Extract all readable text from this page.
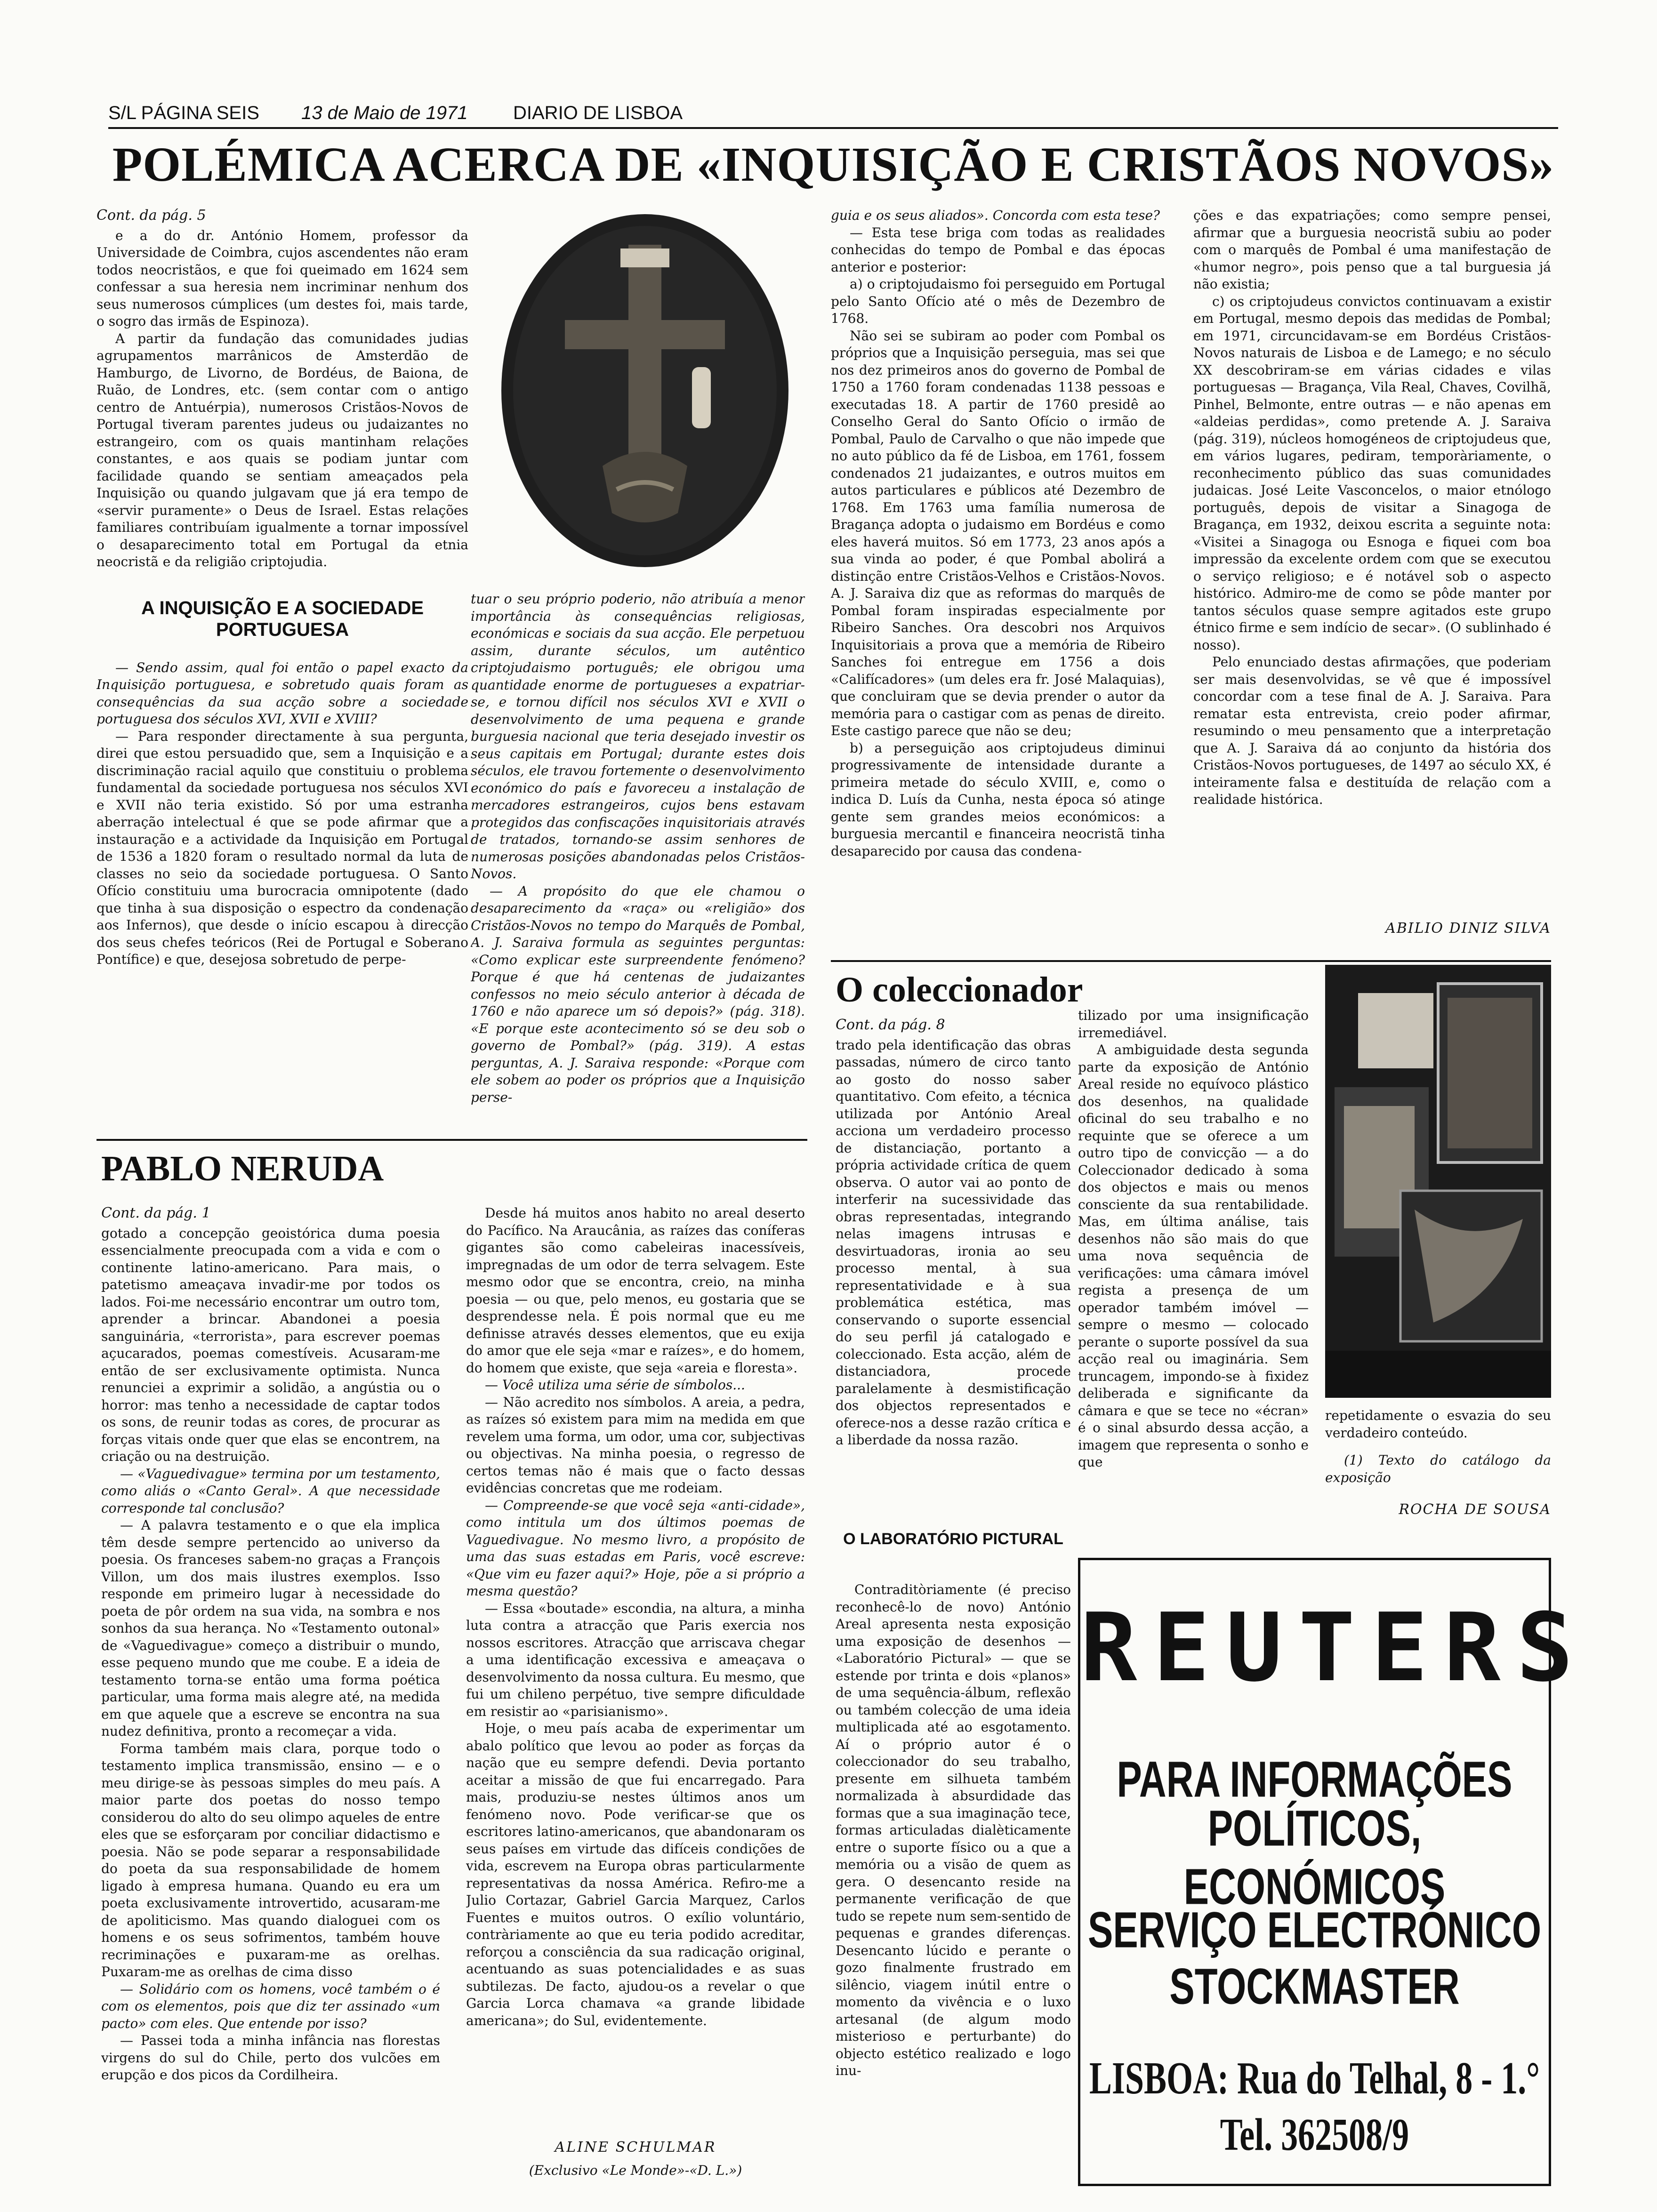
S/L PÁGINA SEIS 13 de Maio de 1971 DIARIO DE LISBOA
POLÉMICA ACERCA DE «INQUISIÇÃO E CRISTÃOS NOVOS»

Cont. da pág. 5

e a do dr. António Homem, professor da Universidade de Coimbra, cujos ascendentes não eram todos neocristãos, e que foi queimado em 1624 sem confessar a sua heresia nem incriminar nenhum dos seus numerosos cúmplices (um destes foi, mais tarde, o sogro das irmãs de Espinoza).

A partir da fundação das comunidades judias agrupamentos marrânicos de Amsterdão de Hamburgo, de Livorno, de Bordéus, de Baiona, de Ruão, de Londres, etc. (sem contar com o antigo centro de Antuérpia), numerosos Cristãos-Novos de Portugal tiveram parentes judeus ou judaizantes no estrangeiro, com os quais mantinham relações constantes, e aos quais se podiam juntar com facilidade quando se sentiam ameaçados pela Inquisição ou quando julgavam que já era tempo de «servir puramente» o Deus de Israel. Estas relações familiares contribuíam igualmente a tornar impossível o desaparecimento total em Portugal da etnia neocristã e da religião criptojudia.

A INQUISIÇÃO E A SOCIEDADE PORTUGUESA

— Sendo assim, qual foi então o papel exacto da Inquisição portuguesa, e sobretudo quais foram as consequências da sua acção sobre a sociedade portuguesa dos séculos XVI, XVII e XVIII?

— Para responder directamente à sua pergunta, direi que estou persuadido que, sem a Inquisição e a discriminação racial aquilo que constituiu o problema fundamental da sociedade portuguesa nos séculos XVI e XVII não teria existido. Só por uma estranha aberração intelectual é que se pode afirmar que a instauração e a actividade da Inquisição em Portugal de 1536 a 1820 foram o resultado normal da luta de classes no seio da sociedade portuguesa. O Santo Ofício constituiu uma burocracia omnipotente (dado que tinha à sua disposição o espectro da condenação aos Infernos), que desde o início escapou à direcção dos seus chefes teóricos (Rei de Portugal e Soberano Pontífice) e que, desejosa sobretudo de perpe-

tuar o seu próprio poderio, não atribuía a menor importância às consequências religiosas, económicas e sociais da sua acção. Ele perpetuou assim, durante séculos, um autêntico criptojudaismo português; ele obrigou uma quantidade enorme de portugueses a expatriar-se, e tornou difícil nos séculos XVI e XVII o desenvolvimento de uma pequena e grande burguesia nacional que teria desejado investir os seus capitais em Portugal; durante estes dois séculos, ele travou fortemente o desenvolvimento económico do país e favoreceu a instalação de mercadores estrangeiros, cujos bens estavam protegidos das confiscações inquisitoriais através de tratados, tornando-se assim senhores de numerosas posições abandonadas pelos Cristãos-Novos.

— A propósito do que ele chamou o desaparecimento da «raça» ou «religião» dos Cristãos-Novos no tempo do Marquês de Pombal, A. J. Saraiva formula as seguintes perguntas: «Como explicar este surpreendente fenómeno? Porque é que há centenas de judaizantes confessos no meio século anterior à década de 1760 e não aparece um só depois?» (pág. 318). «E porque este acontecimento só se deu sob o governo de Pombal?» (pág. 319). A estas perguntas, A. J. Saraiva responde: «Porque com ele sobem ao poder os próprios que a Inquisição perse-

guia e os seus aliados». Concorda com esta tese?

— Esta tese briga com todas as realidades conhecidas do tempo de Pombal e das épocas anterior e posterior:

a) o criptojudaismo foi perseguido em Portugal pelo Santo Ofício até o mês de Dezembro de 1768.

Não sei se subiram ao poder com Pombal os próprios que a Inquisição perseguia, mas sei que nos dez primeiros anos do governo de Pombal de 1750 a 1760 foram condenadas 1138 pessoas e executadas 18. A partir de 1760 presidê ao Conselho Geral do Santo Ofício o irmão de Pombal, Paulo de Carvalho o que não impede que no auto público da fé de Lisboa, em 1761, fossem condenados 21 judaizantes, e outros muitos em autos particulares e públicos até Dezembro de 1768. Em 1763 uma família numerosa de Bragança adopta o judaismo em Bordéus e como eles haverá muitos. Só em 1773, 23 anos após a sua vinda ao poder, é que Pombal abolirá a distinção entre Cristãos-Velhos e Cristãos-Novos. A. J. Saraiva diz que as reformas do marquês de Pombal foram inspiradas especialmente por Ribeiro Sanches. Ora descobri nos Arquivos Inquisitoriais a prova que a memória de Ribeiro Sanches foi entregue em 1756 a dois «Califícadores» (um deles era fr. José Malaquias), que concluiram que se devia prender o autor da memória para o castigar com as penas de direito. Este castigo parece que não se deu;

b) a perseguição aos criptojudeus diminui progressivamente de intensidade durante a primeira metade do século XVIII, e, como o indica D. Luís da Cunha, nesta época só atinge gente sem grandes meios económicos: a burguesia mercantil e financeira neocristã tinha desaparecido por causa das condena-

ções e das expatriações; como sempre pensei, afirmar que a burguesia neocristã subiu ao poder com o marquês de Pombal é uma manifestação de «humor negro», pois penso que a tal burguesia já não existia;

c) os criptojudeus convictos continuavam a existir em Portugal, mesmo depois das medidas de Pombal; em 1971, circuncidavam-se em Bordéus Cristãos-Novos naturais de Lisboa e de Lamego; e no século XX descobriram-se em várias cidades e vilas portuguesas — Bragança, Vila Real, Chaves, Covilhã, Pinhel, Belmonte, entre outras — e não apenas em «aldeias perdidas», como pretende A. J. Saraiva (pág. 319), núcleos homogéneos de criptojudeus que, em vários lugares, pediram, temporàriamente, o reconhecimento público das suas comunidades judaicas. José Leite Vasconcelos, o maior etnólogo português, depois de visitar a Sinagoga de Bragança, em 1932, deixou escrita a seguinte nota: «Visitei a Sinagoga ou Esnoga e fiquei com boa impressão da excelente ordem com que se executou o serviço religioso; e é notável sob o aspecto histórico. Admiro-me de como se pôde manter por tantos séculos quase sempre agitados este grupo étnico firme e sem indício de secar». (O sublinhado é nosso).

Pelo enunciado destas afirmações, que poderiam ser mais desenvolvidas, se vê que é impossível concordar com a tese final de A. J. Saraiva. Para rematar esta entrevista, creio poder afirmar, resumindo o meu pensamento que a interpretação que A. J. Saraiva dá ao conjunto da história dos Cristãos-Novos portugueses, de 1497 ao século XX, é inteiramente falsa e destituída de relação com a realidade histórica.

ABILIO DINIZ SILVA
PABLO NERUDA

Cont. da pág. 1

gotado a concepção geoistórica duma poesia essencialmente preocupada com a vida e com o continente latino-americano. Para mais, o patetismo ameaçava invadir-me por todos os lados. Foi-me necessário encontrar um outro tom, aprender a brincar. Abandonei a poesia sanguinária, «terrorista», para escrever poemas açucarados, poemas comestíveis. Acusaram-me então de ser exclusivamente optimista. Nunca renunciei a exprimir a solidão, a angústia ou o horror: mas tenho a necessidade de captar todos os sons, de reunir todas as cores, de procurar as forças vitais onde quer que elas se encontrem, na criação ou na destruição.

— «Vaguedivague» termina por um testamento, como aliás o «Canto Geral». A que necessidade corresponde tal conclusão?

— A palavra testamento e o que ela implica têm desde sempre pertencido ao universo da poesia. Os franceses sabem-no graças a François Villon, um dos mais ilustres exemplos. Isso responde em primeiro lugar à necessidade do poeta de pôr ordem na sua vida, na sombra e nos sonhos da sua herança. No «Testamento outonal» de «Vaguedivague» começo a distribuir o mundo, esse pequeno mundo que me coube. E a ideia de testamento torna-se então uma forma poética particular, uma forma mais alegre até, na medida em que aquele que a escreve se encontra na sua nudez definitiva, pronto a recomeçar a vida.

Forma também mais clara, porque todo o testamento implica transmissão, ensino — e o meu dirige-se às pessoas simples do meu país. A maior parte dos poetas do nosso tempo considerou do alto do seu olimpo aqueles de entre eles que se esforçaram por conciliar didactismo e poesia. Não se pode separar a responsabilidade do poeta da sua responsabilidade de homem ligado à empresa humana. Quando eu era um poeta exclusivamente introvertido, acusaram-me de apoliticismo. Mas quando dialoguei com os homens e os seus sofrimentos, também houve recriminações e puxaram-me as orelhas. Puxaram-me as orelhas de cima disso

— Solidário com os homens, você também o é com os elementos, pois que diz ter assinado «um pacto» com eles. Que entende por isso?

— Passei toda a minha infância nas florestas virgens do sul do Chile, perto dos vulcões em erupção e dos picos da Cordilheira.

Desde há muitos anos habito no areal deserto do Pacífico. Na Araucânia, as raízes das coníferas gigantes são como cabeleiras inacessíveis, impregnadas de um odor de terra selvagem. Este mesmo odor que se encontra, creio, na minha poesia — ou que, pelo menos, eu gostaria que se desprendesse nela. É pois normal que eu me definisse através desses elementos, que eu exija do amor que ele seja «mar e raízes», e do homem, do homem que existe, que seja «areia e floresta».

— Você utiliza uma série de símbolos...

— Não acredito nos símbolos. A areia, a pedra, as raízes só existem para mim na medida em que revelem uma forma, um odor, uma cor, subjectivas ou objectivas. Na minha poesia, o regresso de certos temas não é mais que o facto dessas evidências concretas que me rodeiam.

— Compreende-se que você seja «anti-cidade», como intitula um dos últimos poemas de Vaguedivague. No mesmo livro, a propósito de uma das suas estadas em Paris, você escreve: «Que vim eu fazer aqui?» Hoje, põe a si próprio a mesma questão?

— Essa «boutade» escondia, na altura, a minha luta contra a atracção que Paris exercia nos nossos escritores. Atracção que arriscava chegar a uma identificação excessiva e ameaçava o desenvolvimento da nossa cultura. Eu mesmo, que fui um chileno perpétuo, tive sempre dificuldade em resistir ao «parisianismo».

Hoje, o meu país acaba de experimentar um abalo político que levou ao poder as forças da nação que eu sempre defendi. Devia portanto aceitar a missão de que fui encarregado. Para mais, produziu-se nestes últimos anos um fenómeno novo. Pode verificar-se que os escritores latino-americanos, que abandonaram os seus países em virtude das difíceis condições de vida, escrevem na Europa obras particularmente representativas da nossa América. Refiro-me a Julio Cortazar, Gabriel Garcia Marquez, Carlos Fuentes e muitos outros. O exílio voluntário, contràriamente ao que eu teria podido acreditar, reforçou a consciência da sua radicação original, acentuando as suas potencialidades e as suas subtilezas. De facto, ajudou-os a revelar o que Garcia Lorca chamava «a grande libidade americana»; do Sul, evidentemente.

ALINE SCHULMAR
(Exclusivo «Le Monde»-«D. L.»)
O coleccionador

Cont. da pág. 8

trado pela identificação das obras passadas, número de circo tanto ao gosto do nosso saber quantitativo. Com efeito, a técnica utilizada por António Areal acciona um verdadeiro processo de distanciação, portanto a própria actividade crítica de quem observa. O autor vai ao ponto de interferir na sucessividade das obras representadas, integrando nelas imagens intrusas e desvirtuadoras, ironia ao seu processo mental, à sua representatividade e à sua problemática estética, mas conservando o suporte essencial do seu perfil já catalogado e coleccionado. Esta acção, além de distanciadora, procede paralelamente à desmistificação dos objectos representados e oferece-nos a desse razão crítica e a liberdade da nossa razão.

tilizado por uma insignificação irremediável.

A ambiguidade desta segunda parte da exposição de António Areal reside no equívoco plástico dos desenhos, na qualidade oficinal do seu trabalho e no requinte que se oferece a um outro tipo de convicção — a do Coleccionador dedicado à soma dos objectos e mais ou menos consciente da sua rentabilidade. Mas, em última análise, tais desenhos não são mais do que uma nova sequência de verificações: uma câmara imóvel regista a presença de um operador também imóvel — sempre o mesmo — colocado perante o suporte possível da sua acção real ou imaginária. Sem truncagem, impondo-se à fixidez deliberada e significante da câmara e que se tece no «écran» é o sinal absurdo dessa acção, a imagem que representa o sonho e que

repetidamente o esvazia do seu verdadeiro conteúdo.

(1) Texto do catálogo da exposição

ROCHA DE SOUSA
O LABORATÓRIO PICTURAL

Contraditòriamente (é preciso reconhecê-lo de novo) António Areal apresenta nesta exposição uma exposição de desenhos — «Laboratório Pictural» — que se estende por trinta e dois «planos» de uma sequência-álbum, reflexão ou também colecção de uma ideia multiplicada até ao esgotamento. Aí o próprio autor é o coleccionador do seu trabalho, presente em silhueta também normalizada à absurdidade das formas que a sua imaginação tece, formas articuladas dialèticamente entre o suporte físico ou a que a memória ou a visão de quem as gera. O desencanto reside na permanente verificação de que tudo se repete num sem-sentido de pequenas e grandes diferenças. Desencanto lúcido e perante o gozo finalmente frustrado em silêncio, viagem inútil entre o momento da vivência e o luxo artesanal (de algum modo misterioso e perturbante) do objecto estético realizado e logo inu-

REUTERS
PARA INFORMAÇÕES
POLÍTICOS, ECONÓMICOS
SERVIÇO ELECTRÓNICO
STOCKMASTER
LISBOA: Rua do Telhal, 8 - 1.°
Tel. 362508/9
